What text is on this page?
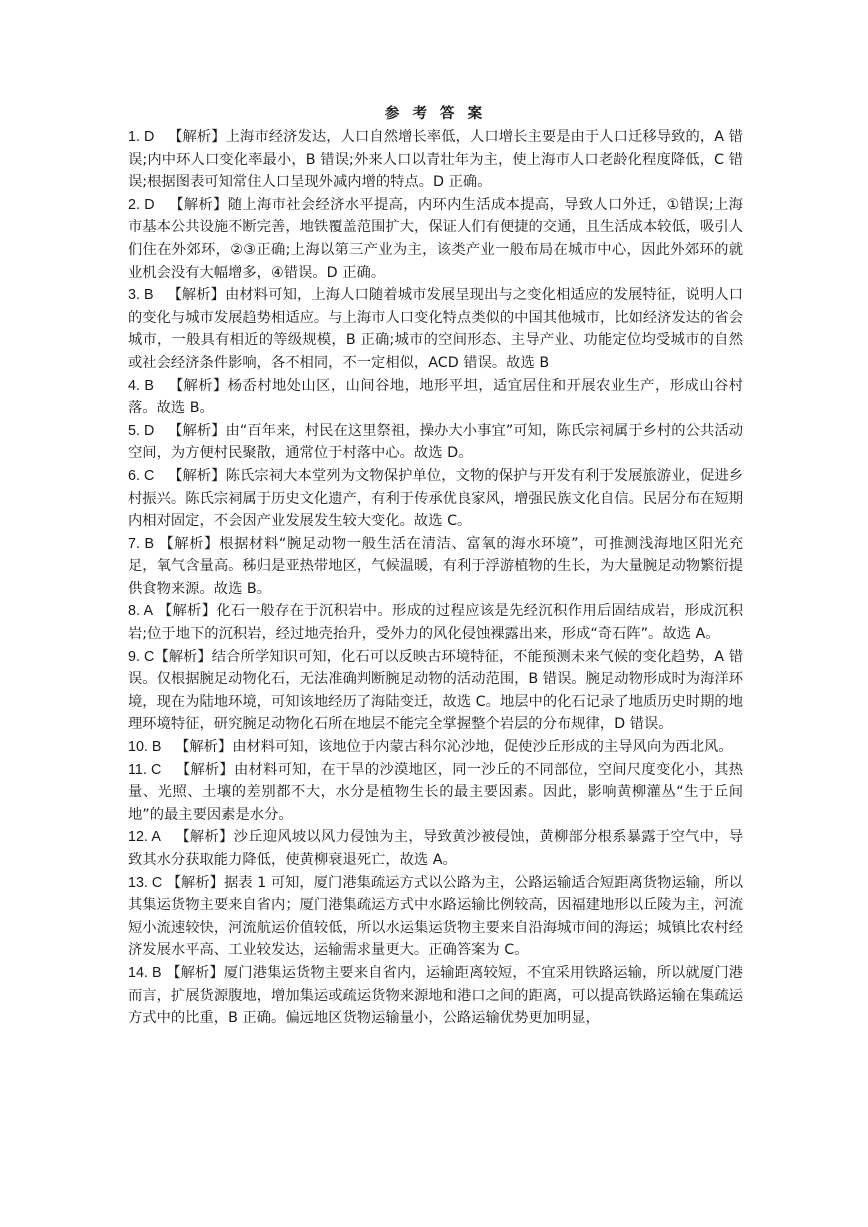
参 考 答 案

1. D 【解析】上海市经济发达，人口自然增长率低，人口增长主要是由于人口迁移导致的，A 错误;内中环人口变化率最小，B 错误;外来人口以青壮年为主，使上海市人口老龄化程度降低，C 错误;根据图表可知常住人口呈现外减内增的特点。D 正确。

2. D 【解析】随上海市社会经济水平提高，内环内生活成本提高，导致人口外迁，①错误;上海市基本公共设施不断完善，地铁覆盖范围扩大，保证人们有便捷的交通，且生活成本较低，吸引人们住在外郊环，②③正确;上海以第三产业为主，该类产业一般布局在城市中心，因此外郊环的就业机会没有大幅增多，④错误。D 正确。

3. B 【解析】由材料可知，上海人口随着城市发展呈现出与之变化相适应的发展特征，说明人口的变化与城市发展趋势相适应。与上海市人口变化特点类似的中国其他城市，比如经济发达的省会城市，一般具有相近的等级规模，B 正确;城市的空间形态、主导产业、功能定位均受城市的自然或社会经济条件影响，各不相同，不一定相似，ACD 错误。故选 B

4. B 【解析】杨岙村地处山区，山间谷地，地形平坦，适宜居住和开展农业生产，形成山谷村落。故选 B。

5. D 【解析】由“百年来，村民在这里祭祖，操办大小事宜”可知，陈氏宗祠属于乡村的公共活动空间，为方便村民聚散，通常位于村落中心。故选 D。

6. C 【解析】陈氏宗祠大本堂列为文物保护单位，文物的保护与开发有利于发展旅游业，促进乡村振兴。陈氏宗祠属于历史文化遗产，有利于传承优良家风，增强民族文化自信。民居分布在短期内相对固定，不会因产业发展发生较大变化。故选 C。

7. B 【解析】根据材料“腕足动物一般生活在清洁、富氧的海水环境”，可推测浅海地区阳光充足，氧气含量高。秭归是亚热带地区，气候温暖，有利于浮游植物的生长，为大量腕足动物繁衍提供食物来源。故选 B。

8. A 【解析】化石一般存在于沉积岩中。形成的过程应该是先经沉积作用后固结成岩，形成沉积岩;位于地下的沉积岩，经过地壳抬升，受外力的风化侵蚀裸露出来，形成“奇石阵”。故选 A。

9. C【解析】结合所学知识可知，化石可以反映古环境特征，不能预测未来气候的变化趋势，A 错误。仅根据腕足动物化石，无法准确判断腕足动物的活动范围，B 错误。腕足动物形成时为海洋环境，现在为陆地环境，可知该地经历了海陆变迁，故选 C。地层中的化石记录了地质历史时期的地理环境特征，研究腕足动物化石所在地层不能完全掌握整个岩层的分布规律，D 错误。

10. B 【解析】由材料可知，该地位于内蒙古科尔沁沙地，促使沙丘形成的主导风向为西北风。

11. C 【解析】由材料可知，在干旱的沙漠地区，同一沙丘的不同部位，空间尺度变化小，其热量、光照、土壤的差别都不大，水分是植物生长的最主要因素。因此，影响黄柳灌丛“生于丘间地”的最主要因素是水分。

12. A 【解析】沙丘迎风坡以风力侵蚀为主，导致黄沙被侵蚀，黄柳部分根系暴露于空气中，导致其水分获取能力降低，使黄柳衰退死亡，故选 A。

13. C 【解析】据表 1 可知，厦门港集疏运方式以公路为主，公路运输适合短距离货物运输，所以其集运货物主要来自省内；厦门港集疏运方式中水路运输比例较高，因福建地形以丘陵为主，河流短小流速较快，河流航运价值较低，所以水运集运货物主要来自沿海城市间的海运；城镇比农村经济发展水平高、工业较发达，运输需求量更大。正确答案为 C。

14. B 【解析】厦门港集运货物主要来自省内，运输距离较短，不宜采用铁路运输，所以就厦门港而言，扩展货源腹地，增加集运或疏运货物来源地和港口之间的距离，可以提高铁路运输在集疏运方式中的比重，B 正确。偏远地区货物运输量小，公路运输优势更加明显，
